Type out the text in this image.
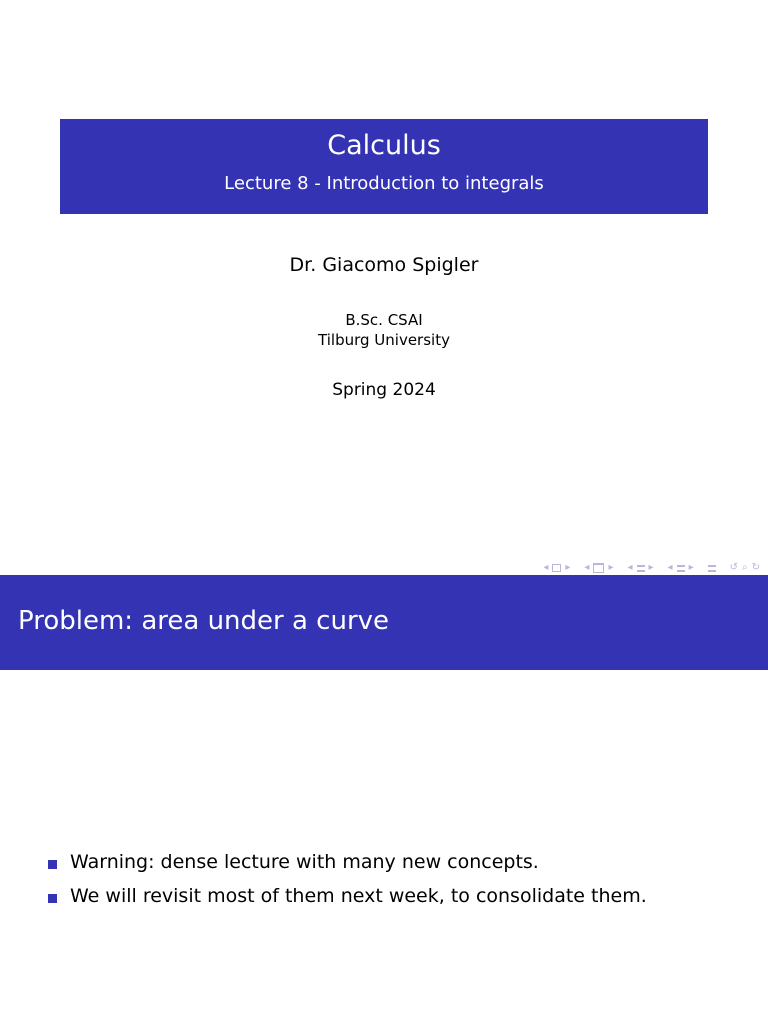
Calculus
Lecture 8 - Introduction to integrals
Dr. Giacomo Spigler
B.Sc. CSAI
Tilburg University
Spring 2024
◂ ▸ ◂ ▸ ◂ ▸ ◂ ▸	↺ ⌕ ↻
Problem: area under a curve
Warning: dense lecture with many new concepts.
We will revisit most of them next week, to consolidate them.
